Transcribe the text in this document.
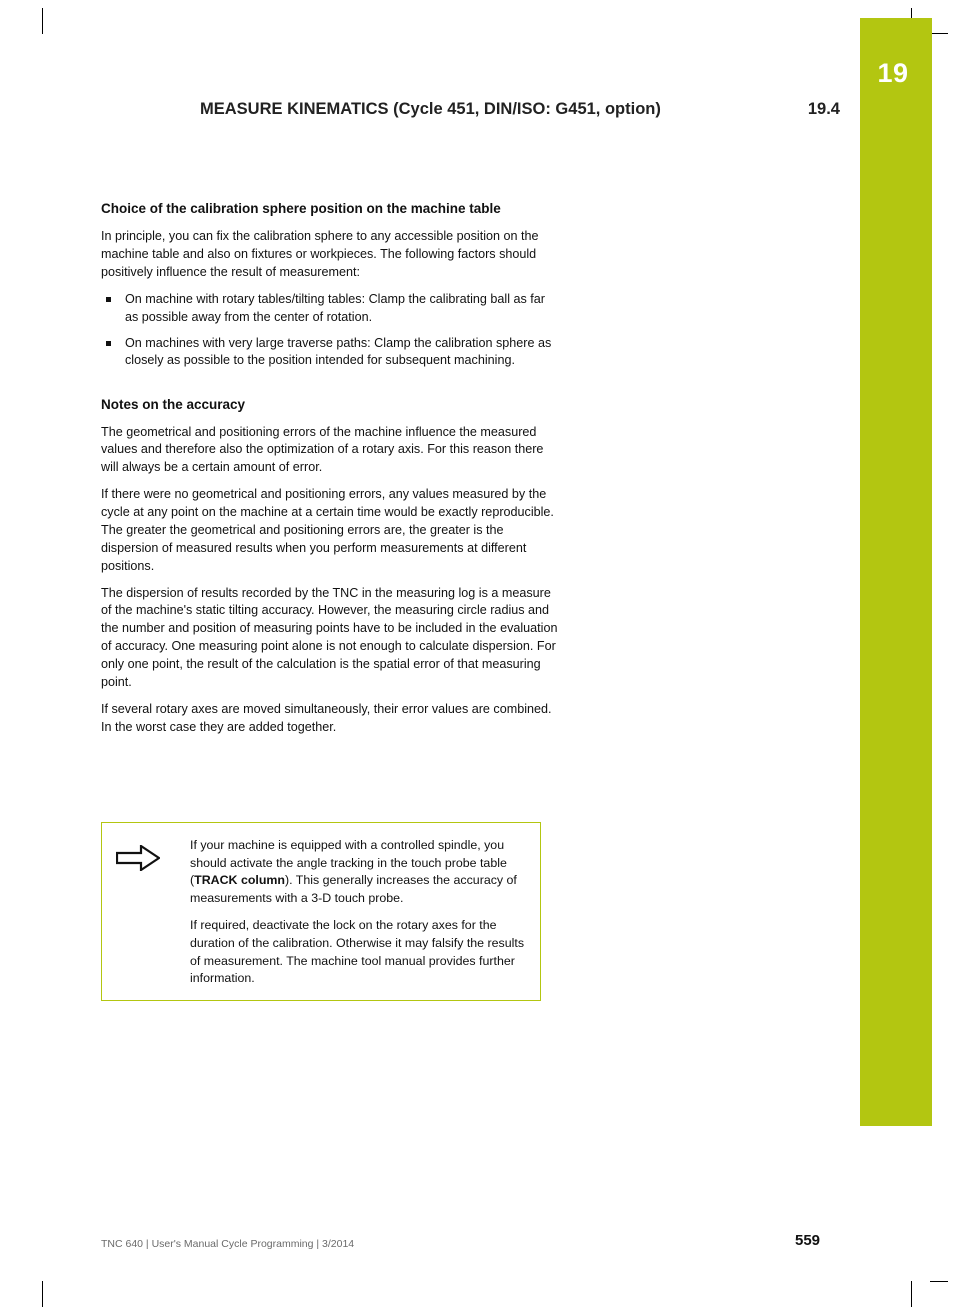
19
19.4
MEASURE KINEMATICS (Cycle 451, DIN/ISO: G451, option)
Choice of the calibration sphere position on the machine table

In principle, you can fix the calibration sphere to any accessible position on the machine table and also on fixtures or workpieces. The following factors should positively influence the result of measurement:

On machine with rotary tables/tilting tables: Clamp the calibrating ball as far as possible away from the center of rotation.
On machines with very large traverse paths: Clamp the calibration sphere as closely as possible to the position intended for subsequent machining.
Notes on the accuracy

The geometrical and positioning errors of the machine influence the measured values and therefore also the optimization of a rotary axis. For this reason there will always be a certain amount of error.

If there were no geometrical and positioning errors, any values measured by the cycle at any point on the machine at a certain time would be exactly reproducible. The greater the geometrical and positioning errors are, the greater is the dispersion of measured results when you perform measurements at different positions.

The dispersion of results recorded by the TNC in the measuring log is a measure of the machine's static tilting accuracy. However, the measuring circle radius and the number and position of measuring points have to be included in the evaluation of accuracy. One measuring point alone is not enough to calculate dispersion. For only one point, the result of the calculation is the spatial error of that measuring point.

If several rotary axes are moved simultaneously, their error values are combined. In the worst case they are added together.

If your machine is equipped with a controlled spindle, you should activate the angle tracking in the touch probe table (TRACK column). This generally increases the accuracy of measurements with a 3-D touch probe.

If required, deactivate the lock on the rotary axes for the duration of the calibration. Otherwise it may falsify the results of measurement. The machine tool manual provides further information.

TNC 640 | User's Manual Cycle Programming | 3/2014	559
